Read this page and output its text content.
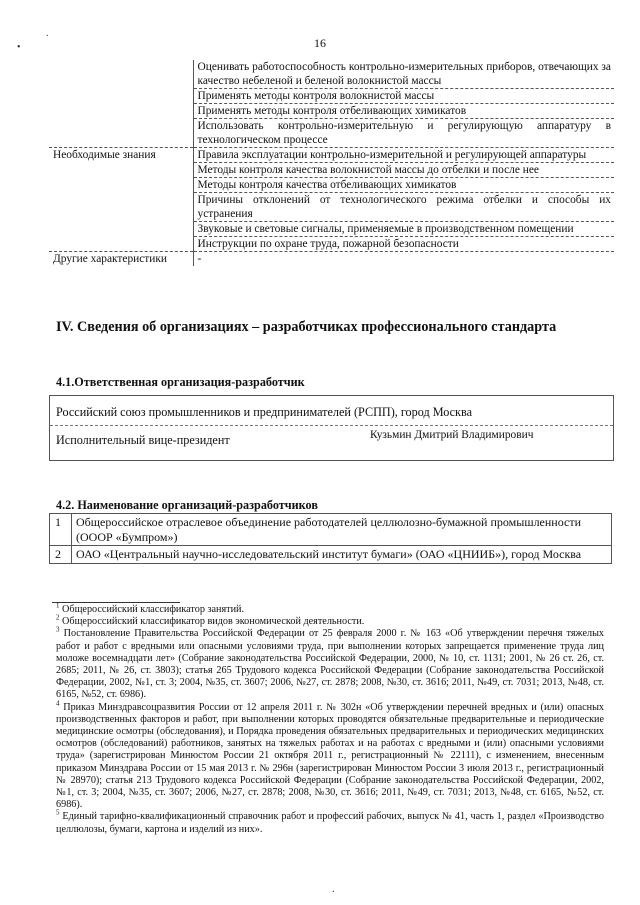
.
•	16
	Оценивать работоспособность контрольно-измерительных приборов, отвечающих за качество небеленой и беленой волокнистой массы
	Применять методы контроля волокнистой массы
	Применять методы контроля отбеливающих химикатов
	Использовать контрольно-измерительную и регулирующую аппаратуру в технологическом процессе
Необходимые знания	Правила эксплуатации контрольно-измерительной и регулирующей аппаратуры
	Методы контроля качества волокнистой массы до отбелки и после нее
	Методы контроля качества отбеливающих химикатов
	Причины отклонений от технологического режима отбелки и способы их устранения
	Звуковые и световые сигналы, применяемые в производственном помещении
	Инструкции по охране труда, пожарной безопасности
Другие характеристики	-
IV. Сведения об организациях – разработчиках профессионального стандарта
4.1.Ответственная организация-разработчик
Российский союз промышленников и предпринимателей (РСПП), город Москва
Исполнительный вице-президент	Кузьмин Дмитрий Владимирович
4.2. Наименование организаций-разработчиков
1	Общероссийское отраслевое объединение работодателей целлюлозно-бумажной промышленности (ОООР «Бумпром»)
2	ОАО «Центральный научно-исследовательский институт бумаги» (ОАО «ЦНИИБ»), город Москва

$^1$ Общероссийский классификатор занятий.

$^2$ Общероссийский классификатор видов экономической деятельности.

$^3$ Постановление Правительства Российской Федерации от 25 февраля 2000 г. № 163 «Об утверждении перечня тяжелых работ и работ с вредными или опасными условиями труда, при выполнении которых запрещается применение труда лиц моложе восемнадцати лет» (Собрание законодательства Российской Федерации, 2000, № 10, ст. 1131; 2001, № 26 ст. 26, ст. 2685; 2011, № 26, ст. 3803); статья 265 Трудового кодекса Российской Федерации (Собрание законодательства Российской Федерации, 2002, №1, ст. 3; 2004, №35, ст. 3607; 2006, №27, ст. 2878; 2008, №30, ст. 3616; 2011, №49, ст. 7031; 2013, №48, ст. 6165, №52, ст. 6986).

$^4$ Приказ Минздравсоцразвития России от 12 апреля 2011 г. № 302н «Об утверждении перечней вредных и (или) опасных производственных факторов и работ, при выполнении которых проводятся обязательные предварительные и периодические медицинские осмотры (обследования), и Порядка проведения обязательных предварительных и периодических медицинских осмотров (обследований) работников, занятых на тяжелых работах и на работах с вредными и (или) опасными условиями труда» (зарегистрирован Минюстом России 21 октября 2011 г., регистрационный № 22111), с изменением, внесенным приказом Минздрава России от 15 мая 2013 г. № 296н (зарегистрирован Минюстом России 3 июля 2013 г., регистрационный № 28970); статья 213 Трудового кодекса Российской Федерации (Собрание законодательства Российской Федерации, 2002, №1, ст. 3; 2004, №35, ст. 3607; 2006, №27, ст. 2878; 2008, №30, ст. 3616; 2011, №49, ст. 7031; 2013, №48, ст. 6165, №52, ст. 6986).

$^5$ Единый тарифно-квалификационный справочник работ и профессий рабочих, выпуск № 41, часть 1, раздел «Производство целлюлозы, бумаги, картона и изделий из них».

.
